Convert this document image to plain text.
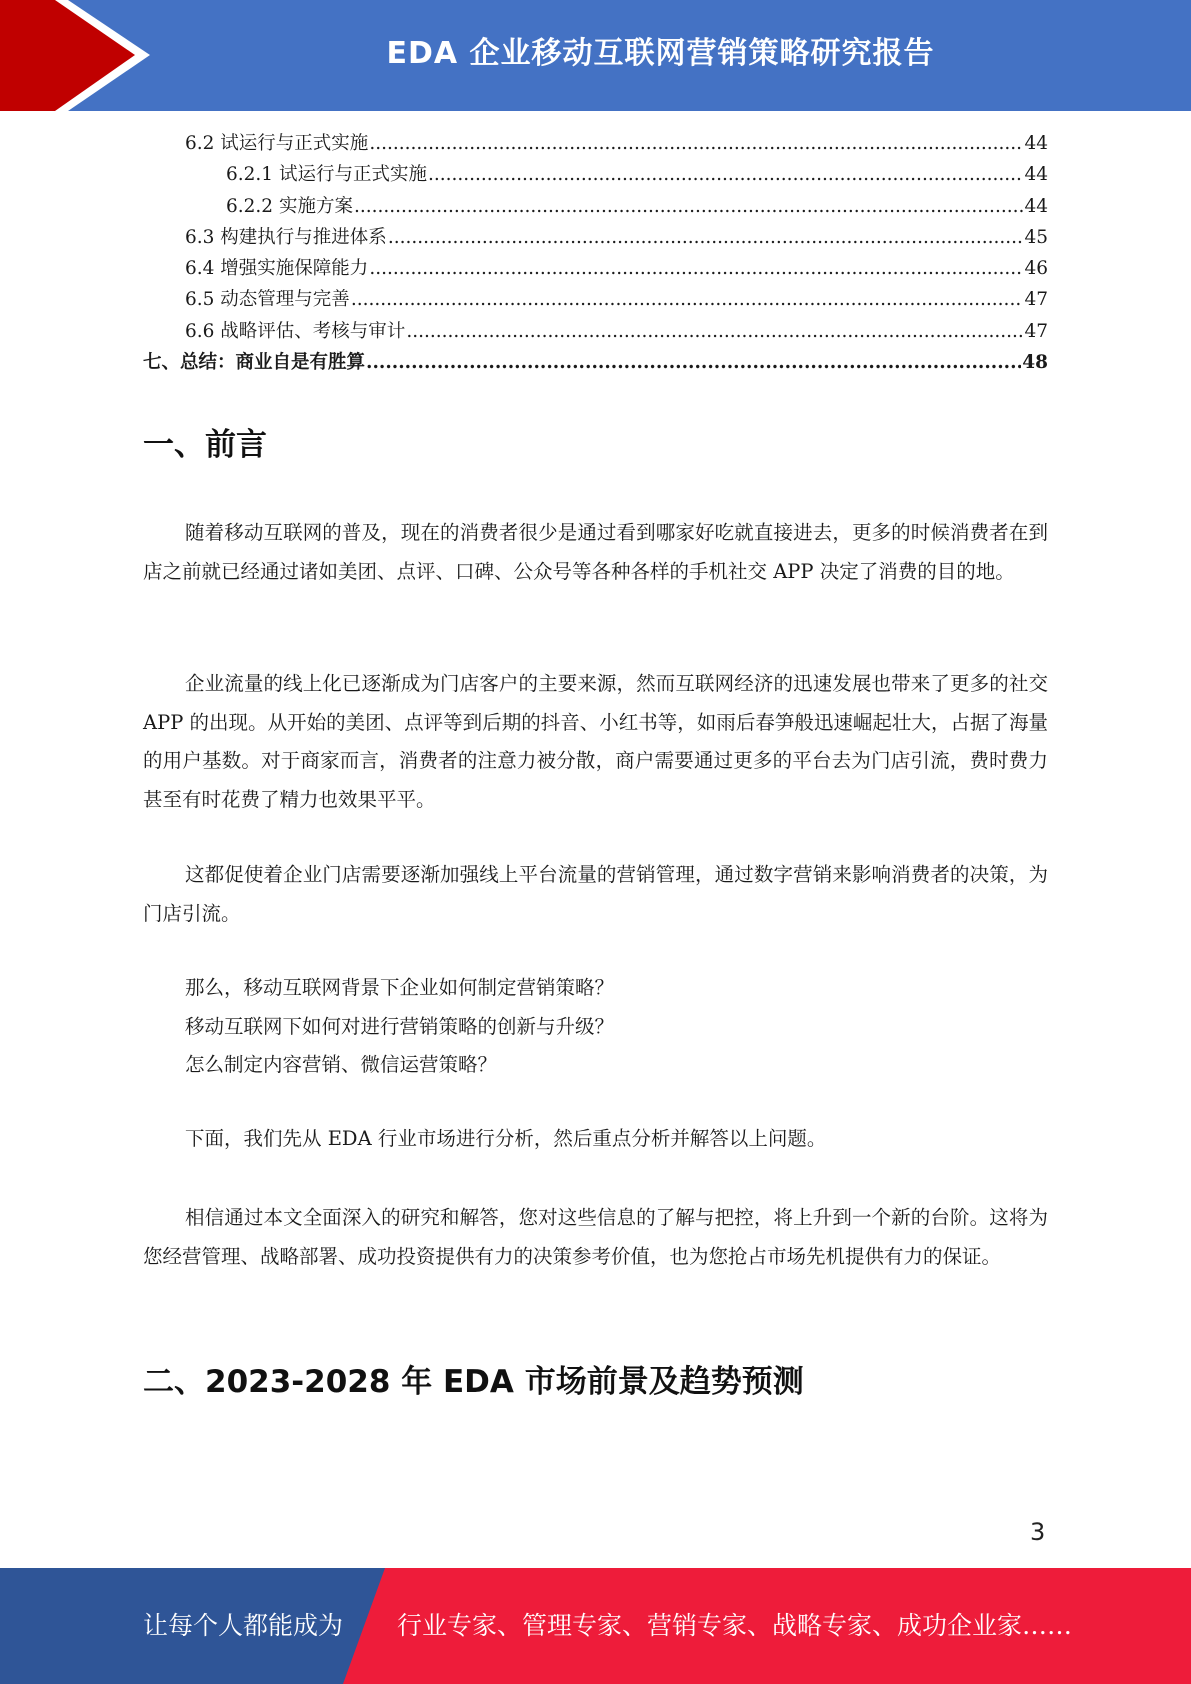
EDA 企业移动互联网营销策略研究报告
6.2 试运行与正式实施 .....	44
6.2.1 试运行与正式实施 .....	44
6.2.2 实施方案 .....	44
6.3 构建执行与推进体系 .....	45
6.4 增强实施保障能力 .....	46
6.5 动态管理与完善 .....	47
6.6 战略评估、考核与审计 .....	47
七、总结：商业自是有胜算 .....	48
一、前言
随着移动互联网的普及，现在的消费者很少是通过看到哪家好吃就直接进去，更多的时候消费者在到店之前就已经通过诸如美团、点评、口碑、公众号等各种各样的手机社交 APP 决定了消费的目的地。
企业流量的线上化已逐渐成为门店客户的主要来源，然而互联网经济的迅速发展也带来了更多的社交 APP 的出现。从开始的美团、点评等到后期的抖音、小红书等，如雨后春笋般迅速崛起壮大，占据了海量的用户基数。对于商家而言，消费者的注意力被分散，商户需要通过更多的平台去为门店引流，费时费力甚至有时花费了精力也效果平平。
这都促使着企业门店需要逐渐加强线上平台流量的营销管理，通过数字营销来影响消费者的决策，为门店引流。
那么，移动互联网背景下企业如何制定营销策略？
移动互联网下如何对进行营销策略的创新与升级？
怎么制定内容营销、微信运营策略？
下面，我们先从 EDA 行业市场进行分析，然后重点分析并解答以上问题。
相信通过本文全面深入的研究和解答，您对这些信息的了解与把控，将上升到一个新的台阶。这将为您经营管理、战略部署、成功投资提供有力的决策参考价值，也为您抢占市场先机提供有力的保证。
二、2023-2028 年 EDA 市场前景及趋势预测
3
让每个人都能成为 行业专家、管理专家、营销专家、战略专家、成功企业家……
